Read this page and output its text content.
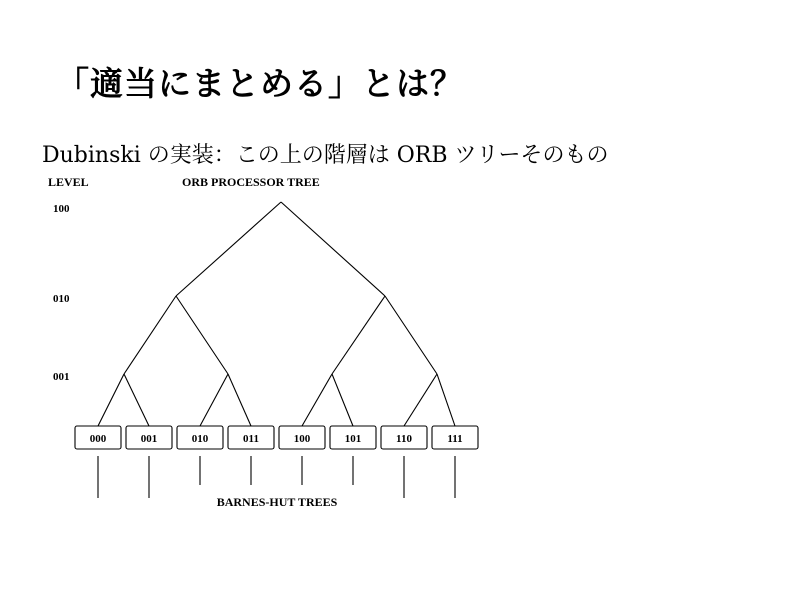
「適当にまとめる」とは？
Dubinski の実装：この上の階層は ORB ツリーそのもの
LEVEL	ORB PROCESSOR TREE
100
010
001
000	001	010	011	100	101	110	111
BARNES-HUT TREES
